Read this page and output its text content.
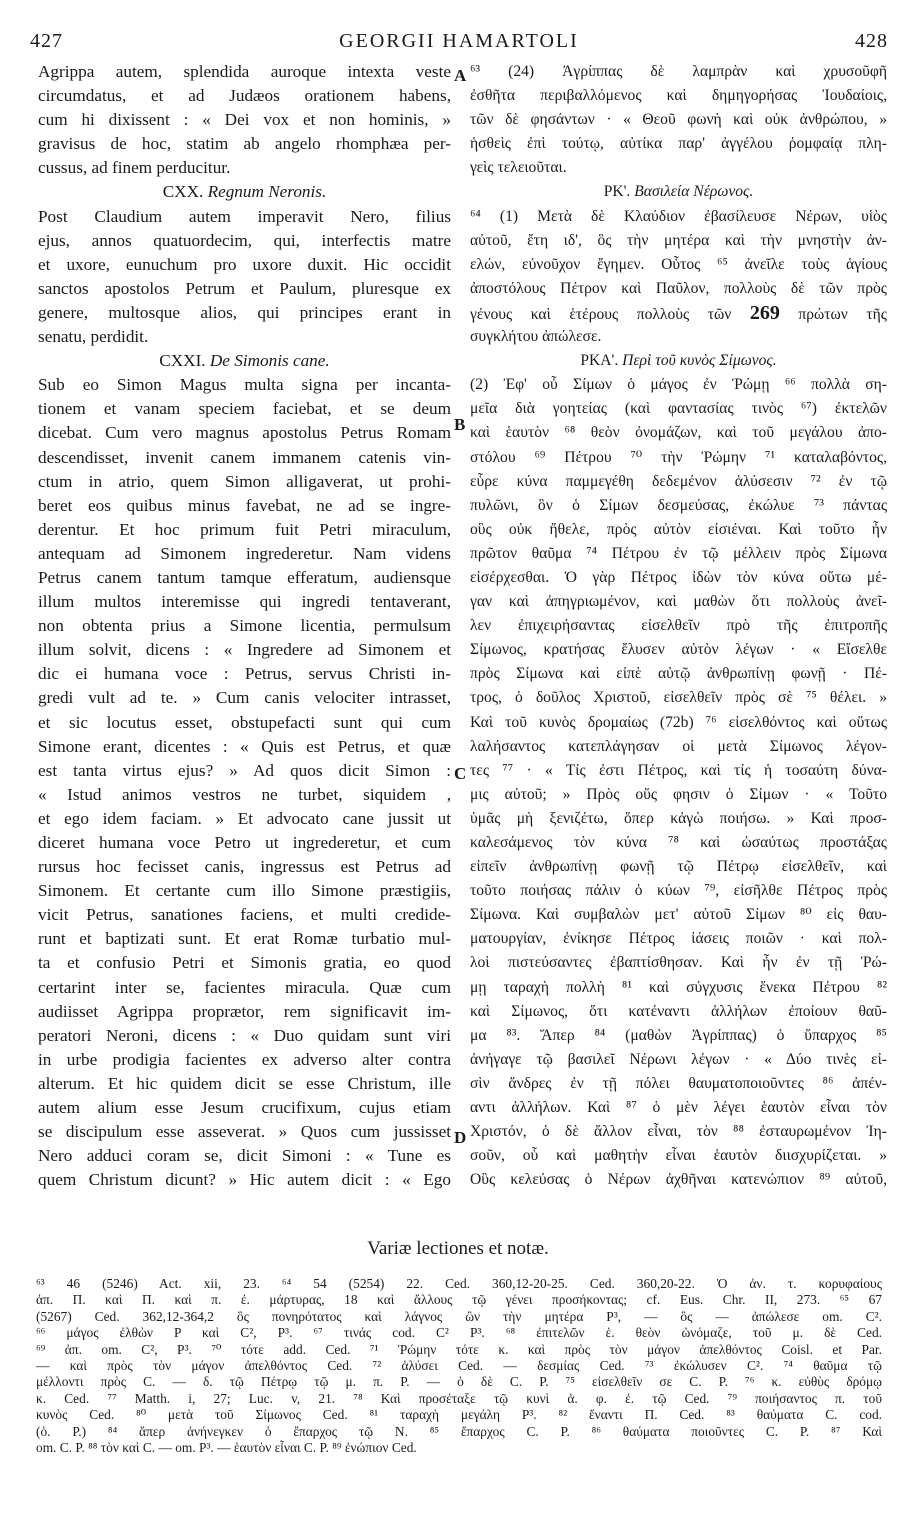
427	GEORGII HAMARTOLI	428
Agrippa autem, splendida auroque intexta veste
circumdatus, et ad Judæos orationem habens,
cum hi dixissent : « Dei vox et non hominis, »
gravisus de hoc, statim ab angelo rhomphæa per-
cussus, ad finem perducitur.
CXX. Regnum Neronis.
Post Claudium autem imperavit Nero, filius
ejus, annos quatuordecim, qui, interfectis matre
et uxore, eunuchum pro uxore duxit. Hic occidit
sanctos apostolos Petrum et Paulum, pluresque ex
genere, multosque alios, qui principes erant in
senatu, perdidit.
CXXI. De Simonis cane.
Sub eo Simon Magus multa signa per incanta-
tionem et vanam speciem faciebat, et se deum
dicebat. Cum vero magnus apostolus Petrus Romam
descendisset, invenit canem immanem catenis vin-
ctum in atrio, quem Simon alligaverat, ut prohi-
beret eos quibus minus favebat, ne ad se ingre-
derentur. Et hoc primum fuit Petri miraculum,
antequam ad Simonem ingrederetur. Nam videns
Petrus canem tantum tamque efferatum, audiensque
illum multos interemisse qui ingredi tentaverant,
non obtenta prius a Simone licentia, permulsum
illum solvit, dicens : « Ingredere ad Simonem et
dic ei humana voce : Petrus, servus Christi in-
gredi vult ad te. » Cum canis velociter intrasset,
et sic locutus esset, obstupefacti sunt qui cum
Simone erant, dicentes : « Quis est Petrus, et quæ
est tanta virtus ejus? » Ad quos dicit Simon :
« Istud animos vestros ne turbet, siquidem ,
et ego idem faciam. » Et advocato cane jussit ut
diceret humana voce Petro ut ingrederetur, et cum
rursus hoc fecisset canis, ingressus est Petrus ad
Simonem. Et certante cum illo Simone præstigiis,
vicit Petrus, sanationes faciens, et multi credide-
runt et baptizati sunt. Et erat Romæ turbatio mul-
ta et confusio Petri et Simonis gratia, eo quod
certarint inter se, facientes miracula. Quæ cum
audiisset Agrippa proprætor, rem significavit im-
peratori Neroni, dicens : « Duo quidam sunt viri
in urbe prodigia facientes ex adverso alter contra
alterum. Et hic quidem dicit se esse Christum, ille
autem alium esse Jesum crucifixum, cujus etiam
se discipulum esse asseverat. » Quos cum jussisset
Nero adduci coram se, dicit Simoni : « Tune es
quem Christum dicunt? » Hic autem dicit : « Ego
A
B
C
D
⁶³ (24) Ἀγρίππας δὲ λαμπρὰν καὶ χρυσοῦφῆ
ἐσθῆτα περιβαλλόμενος καὶ δημηγορήσας Ἰουδαίοις,
τῶν δὲ φησάντων · « Θεοῦ φωνὴ καὶ οὐκ ἀνθρώπου, »
ἡσθεὶς ἐπὶ τούτῳ, αὐτίκα παρ' ἀγγέλου ῥομφαίᾳ πλη-
γεὶς τελειοῦται.
ΡΚ'. Βασιλεία Νέρωνος.
⁶⁴ (1) Μετὰ δὲ Κλαύδιον ἐβασίλευσε Νέρων, υἱὸς
αὐτοῦ, ἔτη ιδ', ὃς τὴν μητέρα καὶ τὴν μνηστὴν ἀν-
ελών, εὐνοῦχον ἔγημεν. Οὗτος ⁶⁵ ἀνεῖλε τοὺς ἁγίους
ἀποστόλους Πέτρον καὶ Παῦλον, πολλοὺς δὲ τῶν πρὸς
γένους καὶ ἑτέρους πολλοὺς τῶν 269 πρώτων τῆς
συγκλήτου ἀπώλεσε.
ΡΚΑ'. Περὶ τοῦ κυνὸς Σίμωνος.
(2) Ἐφ' οὗ Σίμων ὁ μάγος ἐν Ῥώμῃ ⁶⁶ πολλὰ ση-
μεῖα διὰ γοητείας (καὶ φαντασίας τινὸς ⁶⁷) ἐκτελῶν
καὶ ἑαυτὸν ⁶⁸ θεὸν ὀνομάζων, καὶ τοῦ μεγάλου ἀπο-
στόλου ⁶⁹ Πέτρου ⁷⁰ τὴν Ῥώμην ⁷¹ καταλαβόντος,
εὗρε κύνα παμμεγέθη δεδεμένον ἁλύσεσιν ⁷² ἐν τῷ
πυλῶνι, ὃν ὁ Σίμων δεσμεύσας, ἐκώλυε ⁷³ πάντας
οὓς οὐκ ἤθελε, πρὸς αὐτὸν εἰσιέναι. Καὶ τοῦτο ἦν
πρῶτον θαῦμα ⁷⁴ Πέτρου ἐν τῷ μέλλειν πρὸς Σίμωνα
εἰσέρχεσθαι. Ὁ γὰρ Πέτρος ἰδὼν τὸν κύνα οὕτω μέ-
γαν καὶ ἀπηγριωμένον, καὶ μαθὼν ὅτι πολλοὺς ἀνεῖ-
λεν ἐπιχειρήσαντας εἰσελθεῖν πρὸ τῆς ἐπιτροπῆς
Σίμωνος, κρατήσας ἔλυσεν αὐτὸν λέγων · « Εἴσελθε
πρὸς Σίμωνα καὶ εἰπὲ αὐτῷ ἀνθρωπίνῃ φωνῇ · Πέ-
τρος, ὁ δοῦλος Χριστοῦ, εἰσελθεῖν πρὸς σὲ ⁷⁵ θέλει. »
Καὶ τοῦ κυνὸς δρομαίως (72b) ⁷⁶ εἰσελθόντος καὶ οὕτως
λαλήσαντος κατεπλάγησαν οἱ μετὰ Σίμωνος λέγον-
τες ⁷⁷ · « Τίς ἐστι Πέτρος, καὶ τίς ἡ τοσαύτη δύνα-
μις αὐτοῦ; » Πρὸς οὕς φησιν ὁ Σίμων · « Τοῦτο
ὑμᾶς μὴ ξενιζέτω, ὅπερ κἀγὼ ποιήσω. » Καὶ προσ-
καλεσάμενος τὸν κύνα ⁷⁸ καὶ ὡσαύτως προστάξας
εἰπεῖν ἀνθρωπίνῃ φωνῇ τῷ Πέτρῳ εἰσελθεῖν, καὶ
τοῦτο ποιήσας πάλιν ὁ κύων ⁷⁹, εἰσῆλθε Πέτρος πρὸς
Σίμωνα. Καὶ συμβαλὼν μετ' αὐτοῦ Σίμων ⁸⁰ εἰς θαυ-
ματουργίαν, ἐνίκησε Πέτρος ἰάσεις ποιῶν · καὶ πολ-
λοὶ πιστεύσαντες ἐβαπτίσθησαν. Καὶ ἦν ἐν τῇ Ῥώ-
μῃ ταραχὴ πολλὴ ⁸¹ καὶ σύγχυσις ἕνεκα Πέτρου ⁸²
καὶ Σίμωνος, ὅτι κατέναντι ἀλλήλων ἐποίουν θαῦ-
μα ⁸³. Ἅπερ ⁸⁴ (μαθὼν Ἀγρίππας) ὁ ὕπαρχος ⁸⁵
ἀνήγαγε τῷ βασιλεῖ Νέρωνι λέγων · « Δύο τινὲς εἰ-
σὶν ἄνδρες ἐν τῇ πόλει θαυματοποιοῦντες ⁸⁶ ἀπέν-
αντι ἀλλήλων. Καὶ ⁸⁷ ὁ μὲν λέγει ἑαυτὸν εἶναι τὸν
Χριστόν, ὁ δὲ ἄλλον εἶναι, τὸν ⁸⁸ ἐσταυρωμένον Ἰη-
σοῦν, οὗ καὶ μαθητὴν εἶναι ἑαυτὸν διισχυρίζεται. »
Οὓς κελεύσας ὁ Νέρων ἀχθῆναι κατενώπιον ⁸⁹ αὐτοῦ,
Variæ lectiones et notæ.
⁶³ 46 (5246) Act. xii, 23. ⁶⁴ 54 (5254) 22. Ced. 360,12-20-25. Ced. 360,20-22. Ὁ ἀν. τ. κορυφαίους
ἀπ. Π. καὶ Π. καὶ π. ἐ. μάρτυρας, 18 καὶ ἄλλους τῷ γένει προσήκοντας; cf. Eus. Chr. II, 273. ⁶⁵ 67
(5267) Ced. 362,12-364,2 ὃς πονηρότατος καὶ λάγνος ὢν τὴν μητέρα P³, — ὃς — ἀπώλεσε om. C².
⁶⁶ μάγος ἐλθὼν P καὶ C², P³. ⁶⁷ τινάς cod. C² P³. ⁶⁸ ἐπιτελῶν ἑ. θεὸν ὠνόμαζε, τοῦ μ. δὲ Ced.
⁶⁹ ἀπ. om. C², P³. ⁷⁰ τότε add. Ced. ⁷¹ Ῥώμην τότε κ. καὶ πρὸς τὸν μάγον ἀπελθόντος Coisl. et Par.
— καὶ πρὸς τὸν μάγον ἀπελθόντος Ced. ⁷² ἁλύσει Ced. — δεσμίας Ced. ⁷³ ἐκώλυσεν C². ⁷⁴ θαῦμα τῷ
μέλλοντι πρὸς C. — δ. τῷ Πέτρῳ τῷ μ. π. P. — ὁ δὲ C. P. ⁷⁵ εἰσελθεῖν σε C. P. ⁷⁶ κ. εὐθὺς δρόμῳ
κ. Ced. ⁷⁷ Matth. i, 27; Luc. v, 21. ⁷⁸ Καὶ προσέταξε τῷ κυνὶ ἁ. φ. ἐ. τῷ Ced. ⁷⁹ ποιήσαντος π. τοῦ
κυνὸς Ced. ⁸⁰ μετὰ τοῦ Σίμωνος Ced. ⁸¹ ταραχὴ μεγάλη P³. ⁸² ἔναντι Π. Ced. ⁸³ θαύματα C. cod.
(ὁ. P.) ⁸⁴ ἅπερ ἀνήνεγκεν ὁ ἔπαρχος τῷ N. ⁸⁵ ἔπαρχος C. P. ⁸⁶ θαύματα ποιοῦντες C. P. ⁸⁷ Καὶ
om. C. P. ⁸⁸ τὸν καὶ C. — om. P³. — ἑαυτὸν εἶναι C. P. ⁸⁹ ἐνώπιον Ced.
